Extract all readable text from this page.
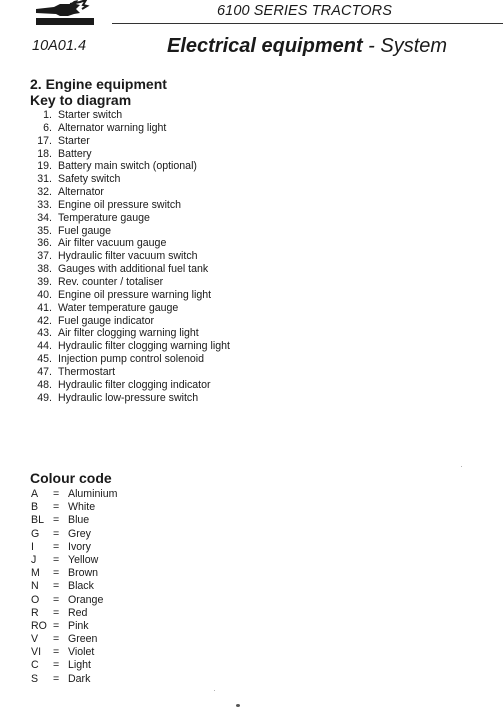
6100 SERIES TRACTORS
10A01.4	Electrical equipment - System
2. Engine equipment
Key to diagram
1. Starter switch
6. Alternator warning light
17. Starter
18. Battery
19. Battery main switch (optional)
31. Safety switch
32. Alternator
33. Engine oil pressure switch
34. Temperature gauge
35. Fuel gauge
36. Air filter vacuum gauge
37. Hydraulic filter vacuum switch
38. Gauges with additional fuel tank
39. Rev. counter / totaliser
40. Engine oil pressure warning light
41. Water temperature gauge
42. Fuel gauge indicator
43. Air filter clogging warning light
44. Hydraulic filter clogging warning light
45. Injection pump control solenoid
47. Thermostart
48. Hydraulic filter clogging indicator
49. Hydraulic low-pressure switch
Colour code
A = Aluminium
B = White
BL = Blue
G = Grey
I = Ivory
J = Yellow
M = Brown
N = Black
O = Orange
R = Red
RO = Pink
V = Green
VI = Violet
C = Light
S = Dark
